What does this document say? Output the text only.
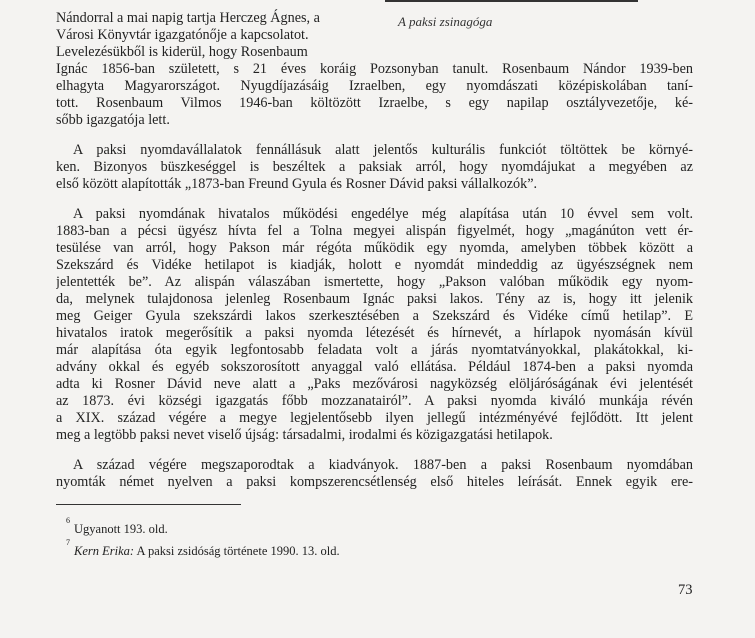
A paksi zsinagóga
Nándorral a mai napig tartja Herczeg Ágnes, a
Városi Könyvtár igazgatónője a kapcsolatot.
Levelezésükből is kiderül, hogy Rosenbaum
Ignác 1856-ban született, s 21 éves koráig Pozsonyban tanult. Rosenbaum Nándor 1939-ben
elhagyta Magyarországot. Nyugdíjazásáig Izraelben, egy nyomdászati középiskolában taní-
tott. Rosenbaum Vilmos 1946-ban költözött Izraelbe, s egy napilap osztályvezetője, ké-
sőbb igazgatója lett.
A paksi nyomdavállalatok fennállásuk alatt jelentős kulturális funkciót töltöttek be környé-
ken. Bizonyos büszkeséggel is beszéltek a paksiak arról, hogy nyomdájukat a megyében az
első között alapították „1873-ban Freund Gyula és Rosner Dávid paksi vállalkozók”.
A paksi nyomdának hivatalos működési engedélye még alapítása után 10 évvel sem volt.
1883-ban a pécsi ügyész hívta fel a Tolna megyei alispán figyelmét, hogy „magánúton vett ér-
tesülése van arról, hogy Pakson már régóta működik egy nyomda, amelyben többek között a
Szekszárd és Vidéke hetilapot is kiadják, holott e nyomdát mindeddig az ügyészségnek nem
jelentették be”. Az alispán válaszában ismertette, hogy „Pakson valóban működik egy nyom-
da, melynek tulajdonosa jelenleg Rosenbaum Ignác paksi lakos. Tény az is, hogy itt jelenik
meg Geiger Gyula szekszárdi lakos szerkesztésében a Szekszárd és Vidéke című hetilap”. E
hivatalos iratok megerősítik a paksi nyomda létezését és hírnevét, a hírlapok nyomásán kívül
már alapítása óta egyik legfontosabb feladata volt a járás nyomtatványokkal, plakátokkal, ki-
advány okkal és egyéb sokszorosított anyaggal való ellátása. Például 1874-ben a paksi nyomda
adta ki Rosner Dávid neve alatt a „Paks mezővárosi nagyközség elöljáróságának évi jelentését
az 1873. évi községi igazgatás főbb mozzanatairól”. A paksi nyomda kiváló munkája révén
a XIX. század végére a megye legjelentősebb ilyen jellegű intézményévé fejlődött. Itt jelent
meg a legtöbb paksi nevet viselő újság: társadalmi, irodalmi és közigazgatási hetilapok.
A század végére megszaporodtak a kiadványok. 1887-ben a paksi Rosenbaum nyomdában
nyomták német nyelven a paksi kompszerencsétlenség első hiteles leírását. Ennek egyik ere-
$^6$Ugyanott 193. old.
$^7$Kern Erika: A paksi zsidóság története 1990. 13. old.
73
